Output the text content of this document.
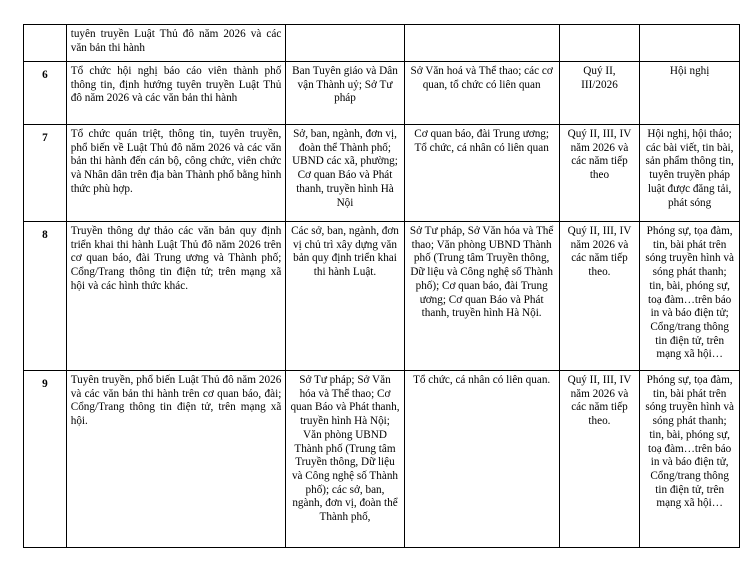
	tuyên truyền Luật Thủ đô năm 2026 và các văn bản thi hành				
6	Tổ chức hội nghị báo cáo viên thành phố thông tin, định hướng tuyên truyền Luật Thủ đô năm 2026 và các văn bản thi hành	Ban Tuyên giáo và Dân vận Thành uỷ; Sở Tư pháp	Sở Văn hoá và Thể thao; các cơ quan, tổ chức có liên quan	Quý II, III/2026	Hội nghị
7	Tổ chức quán triệt, thông tin, tuyên truyền, phổ biến về Luật Thủ đô năm 2026 và các văn bản thi hành đến cán bộ, công chức, viên chức và Nhân dân trên địa bàn Thành phố bằng hình thức phù hợp.	Sở, ban, ngành, đơn vị, đoàn thể Thành phố; UBND các xã, phường; Cơ quan Báo và Phát thanh, truyền hình Hà Nội	Cơ quan báo, đài Trung ương; Tổ chức, cá nhân có liên quan	Quý II, III, IV năm 2026 và các năm tiếp theo	Hội nghị, hội thảo; các bài viết, tin bài, sản phẩm thông tin, tuyên truyền pháp luật được đăng tải, phát sóng
8	Truyền thông dự thảo các văn bản quy định triển khai thi hành Luật Thủ đô năm 2026 trên cơ quan báo, đài Trung ương và Thành phố; Cổng/Trang thông tin điện tử; trên mạng xã hội và các hình thức khác.	Các sở, ban, ngành, đơn vị chủ trì xây dựng văn bản quy định triển khai thi hành Luật.	Sở Tư pháp, Sở Văn hóa và Thể thao; Văn phòng UBND Thành phố (Trung tâm Truyền thông, Dữ liệu và Công nghệ số Thành phố); Cơ quan báo, đài Trung ương; Cơ quan Báo và Phát thanh, truyền hình Hà Nội.	Quý II, III, IV năm 2026 và các năm tiếp theo.	Phóng sự, tọa đàm, tin, bài phát trên sóng truyền hình và sóng phát thanh; tin, bài, phóng sự, toạ đàm…trên báo in và báo điện tử; Cổng/trang thông tin điện tử, trên mạng xã hội…
9	Tuyên truyền, phổ biến Luật Thủ đô năm 2026 và các văn bản thi hành trên cơ quan báo, đài; Cổng/Trang thông tin điện tử, trên mạng xã hội.	Sở Tư pháp; Sở Văn hóa và Thể thao; Cơ quan Báo và Phát thanh, truyền hình Hà Nội; Văn phòng UBND Thành phố (Trung tâm Truyền thông, Dữ liệu và Công nghệ số Thành phố); các sở, ban, ngành, đơn vị, đoàn thể Thành phố,	Tổ chức, cá nhân có liên quan.	Quý II, III, IV năm 2026 và các năm tiếp theo.	Phóng sự, tọa đàm, tin, bài phát trên sóng truyền hình và sóng phát thanh; tin, bài, phóng sự, toạ đàm…trên báo in và báo điện tử, Cổng/trang thông tin điện tử, trên mạng xã hội…
